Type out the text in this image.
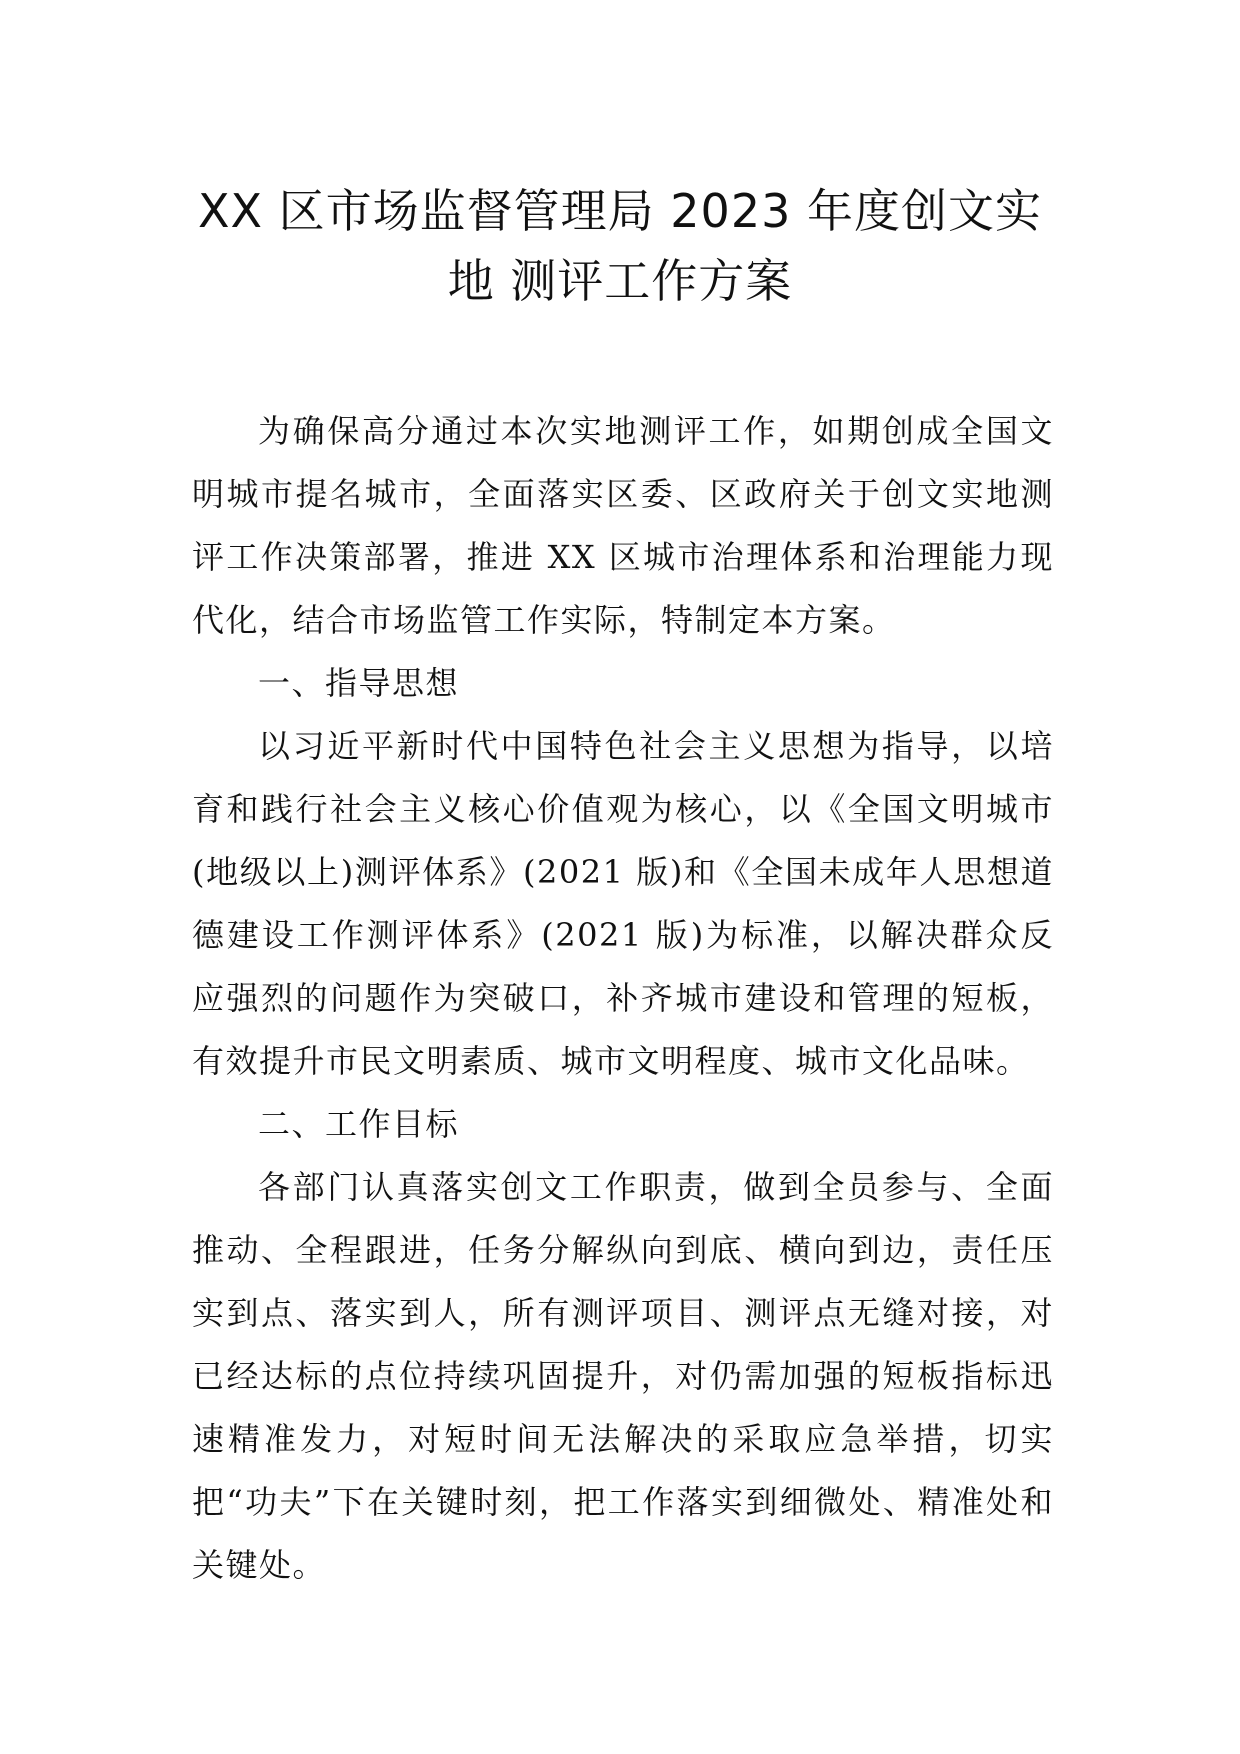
XX 区市场监督管理局 2023 年度创文实
地 测评工作方案

为确保高分通过本次实地测评工作，如期创成全国文明城市提名城市，全面落实区委、区政府关于创文实地测评工作决策部署，推进 XX 区城市治理体系和治理能力现代化，结合市场监管工作实际，特制定本方案。

一、指导思想

以习近平新时代中国特色社会主义思想为指导，以培育和践行社会主义核心价值观为核心，以《全国文明城市(地级以上)测评体系》(2021 版)和《全国未成年人思想道德建设工作测评体系》(2021 版)为标准，以解决群众反应强烈的问题作为突破口，补齐城市建设和管理的短板，有效提升市民文明素质、城市文明程度、城市文化品味。

二、工作目标

各部门认真落实创文工作职责，做到全员参与、全面推动、全程跟进，任务分解纵向到底、横向到边，责任压实到点、落实到人，所有测评项目、测评点无缝对接，对已经达标的点位持续巩固提升，对仍需加强的短板指标迅速精准发力，对短时间无法解决的采取应急举措，切实把“功夫”下在关键时刻，把工作落实到细微处、精准处和关键处。
